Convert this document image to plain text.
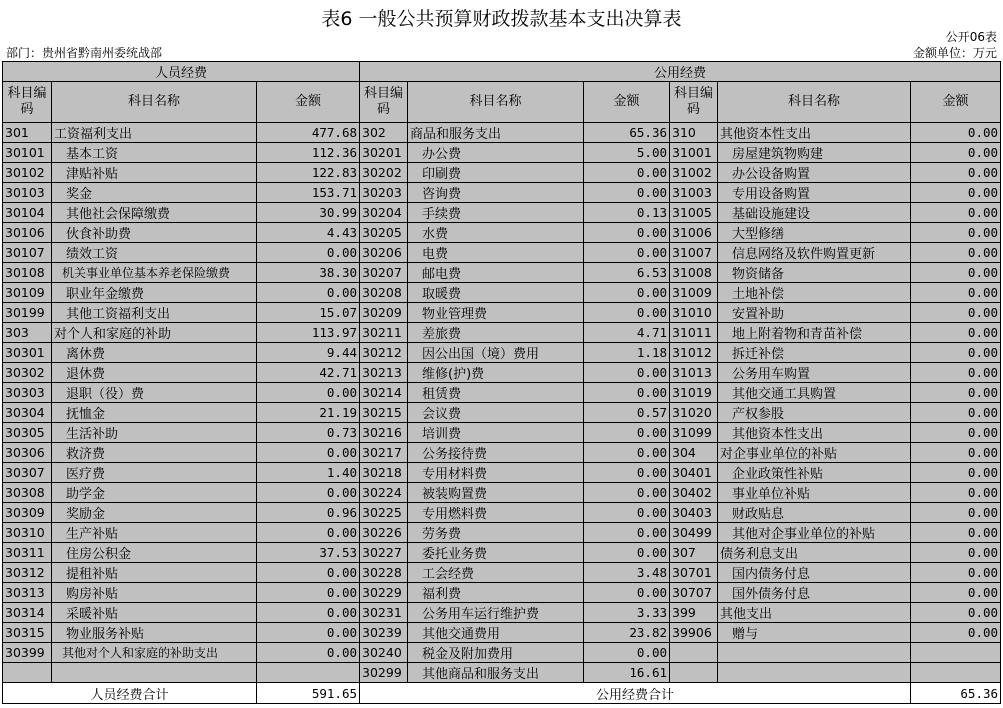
表6 一般公共预算财政拨款基本支出决算表
公开06表
部门：贵州省黔南州委统战部	金额单位：万元
人员经费			公用经费					
科目编码	科目名称	金额	科目编码	科目名称	金额	科目编码	科目名称	金额
301	工资福利支出	477.68	302	商品和服务支出	65.36	310	其他资本性支出	0.00
30101	基本工资	112.36	30201	办公费	5.00	31001	房屋建筑物购建	0.00
30102	津贴补贴	122.83	30202	印刷费	0.00	31002	办公设备购置	0.00
30103	奖金	153.71	30203	咨询费	0.00	31003	专用设备购置	0.00
30104	其他社会保障缴费	30.99	30204	手续费	0.13	31005	基础设施建设	0.00
30106	伙食补助费	4.43	30205	水费	0.00	31006	大型修缮	0.00
30107	绩效工资	0.00	30206	电费	0.00	31007	信息网络及软件购置更新	0.00
30108	机关事业单位基本养老保险缴费	38.30	30207	邮电费	6.53	31008	物资储备	0.00
30109	职业年金缴费	0.00	30208	取暖费	0.00	31009	土地补偿	0.00
30199	其他工资福利支出	15.07	30209	物业管理费	0.00	31010	安置补助	0.00
303	对个人和家庭的补助	113.97	30211	差旅费	4.71	31011	地上附着物和青苗补偿	0.00
30301	离休费	9.44	30212	因公出国（境）费用	1.18	31012	拆迁补偿	0.00
30302	退休费	42.71	30213	维修(护)费	0.00	31013	公务用车购置	0.00
30303	退职（役）费	0.00	30214	租赁费	0.00	31019	其他交通工具购置	0.00
30304	抚恤金	21.19	30215	会议费	0.57	31020	产权参股	0.00
30305	生活补助	0.73	30216	培训费	0.00	31099	其他资本性支出	0.00
30306	救济费	0.00	30217	公务接待费	0.00	304	对企事业单位的补贴	0.00
30307	医疗费	1.40	30218	专用材料费	0.00	30401	企业政策性补贴	0.00
30308	助学金	0.00	30224	被装购置费	0.00	30402	事业单位补贴	0.00
30309	奖励金	0.96	30225	专用燃料费	0.00	30403	财政贴息	0.00
30310	生产补贴	0.00	30226	劳务费	0.00	30499	其他对企事业单位的补贴	0.00
30311	住房公积金	37.53	30227	委托业务费	0.00	307	债务利息支出	0.00
30312	提租补贴	0.00	30228	工会经费	3.48	30701	国内债务付息	0.00
30313	购房补贴	0.00	30229	福利费	0.00	30707	国外债务付息	0.00
30314	采暖补贴	0.00	30231	公务用车运行维护费	3.33	399	其他支出	0.00
30315	物业服务补贴	0.00	30239	其他交通费用	23.82	39906	赠与	0.00
30399	其他对个人和家庭的补助支出	0.00	30240	税金及附加费用	0.00			
			30299	其他商品和服务支出	16.61			
人员经费合计		591.65	公用经费合计					65.36
